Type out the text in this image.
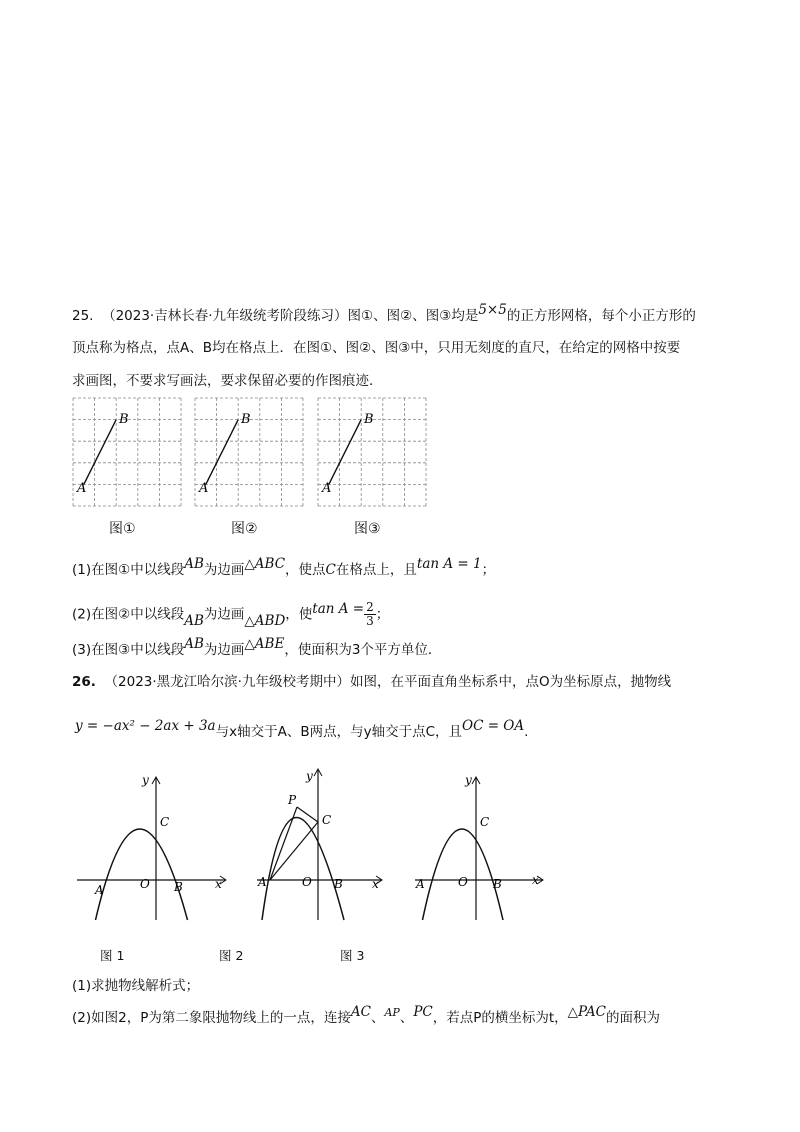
25. （2023·吉林长春·九年级统考阶段练习）图①、图②、图③均是5×5的正方形网格，每个小正方形的
顶点称为格点，点A、B均在格点上．在图①、图②、图③中，只用无刻度的直尺，在给定的网格中按要
求画图，不要求写画法，要求保留必要的作图痕迹．
A
B
A
B
A
B
图①	图②	图③
(1)在图①中以线段AB为边画△ABC，使点C在格点上，且tan A = 1；
(2)在图②中以线段AB为边画△ABD，使$\tan A = \frac{2}{3}$ ；
(3)在图③中以线段AB为边画△ABE，使面积为3个平方单位．
26. （2023·黑龙江哈尔滨·九年级校考期中）如图，在平面直角坐标系中，点O为坐标原点，抛物线
y = −ax² − 2ax + 3a与x轴交于A、B两点，与y轴交于点C，且OC = OA.
y
x
A	O B
C
y
x
A	O B
C
P
y
x
A	O B
C
图 1	图 2	图 3
(1)求抛物线解析式；
(2)如图2，P为第二象限抛物线上的一点，连接AC、$^{AP}$、PC，若点P的横坐标为t，△PAC的面积为
